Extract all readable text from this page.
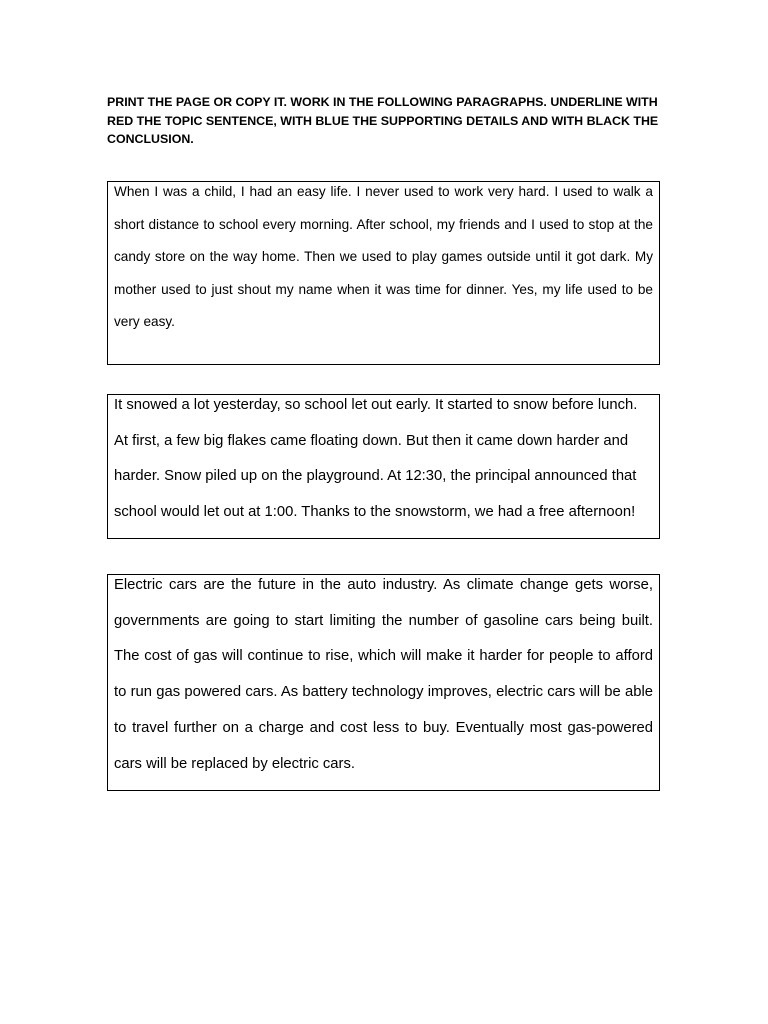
PRINT THE PAGE OR COPY IT. WORK IN THE FOLLOWING PARAGRAPHS. UNDERLINE WITH RED THE TOPIC SENTENCE, WITH BLUE THE SUPPORTING DETAILS AND WITH BLACK THE CONCLUSION.

When I was a child, I had an easy life. I never used to work very hard. I used to walk a short distance to school every morning. After school, my friends and I used to stop at the candy store on the way home. Then we used to play games outside until it got dark. My mother used to just shout my name when it was time for dinner. Yes, my life used to be very easy.

It snowed a lot yesterday, so school let out early. It started to snow before lunch. At first, a few big flakes came floating down. But then it came down harder and harder. Snow piled up on the playground. At 12:30, the principal announced that school would let out at 1:00. Thanks to the snowstorm, we had a free afternoon!

Electric cars are the future in the auto industry. As climate change gets worse, governments are going to start limiting the number of gasoline cars being built. The cost of gas will continue to rise, which will make it harder for people to afford to run gas powered cars. As battery technology improves, electric cars will be able to travel further on a charge and cost less to buy. Eventually most gas-powered cars will be replaced by electric cars.
